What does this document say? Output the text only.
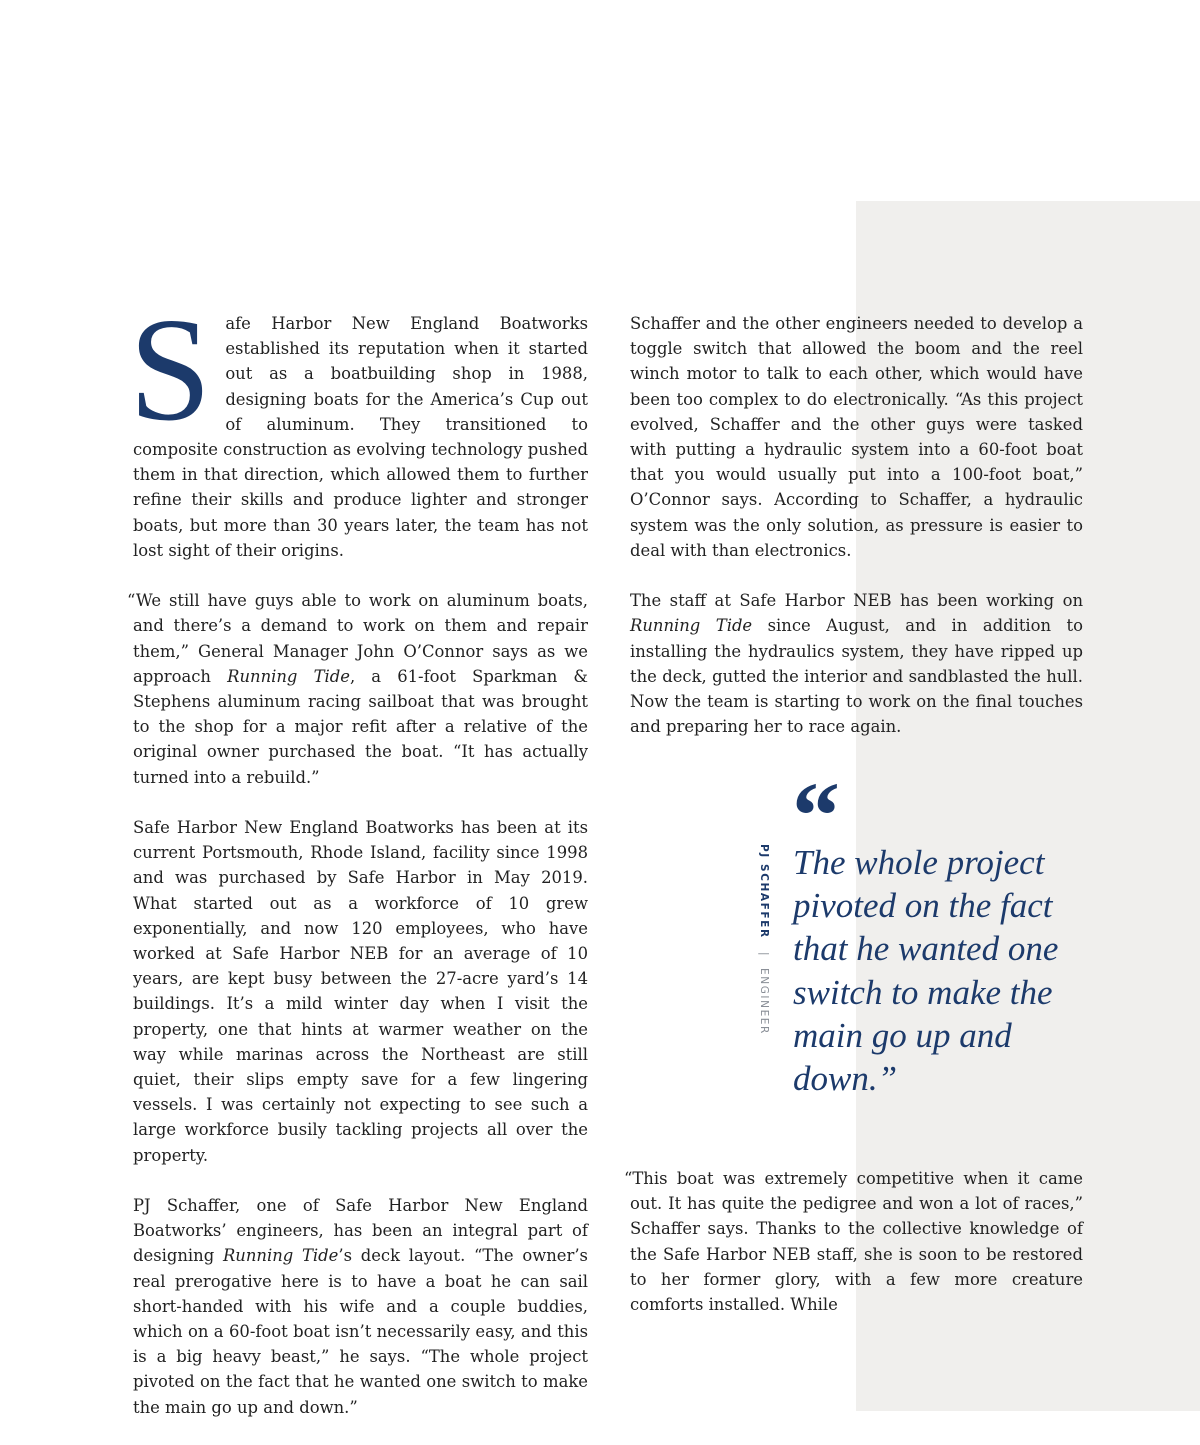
Safe Harbor New England Boatworks established its reputation when it started out as a boatbuilding shop in 1988, designing boats for the America’s Cup out of aluminum. They transitioned to composite construction as evolving technology pushed them in that direction, which allowed them to further refine their skills and produce lighter and stronger boats, but more than 30 years later, the team has not lost sight of their origins.

“We still have guys able to work on aluminum boats, and there’s a demand to work on them and repair them,” General Manager John O’Connor says as we approach Running Tide, a 61-foot Sparkman & Stephens aluminum racing sailboat that was brought to the shop for a major refit after a relative of the original owner purchased the boat. “It has actually turned into a rebuild.”

Safe Harbor New England Boatworks has been at its current Portsmouth, Rhode Island, facility since 1998 and was purchased by Safe Harbor in May 2019. What started out as a workforce of 10 grew exponentially, and now 120 employees, who have worked at Safe Harbor NEB for an average of 10 years, are kept busy between the 27-acre yard’s 14 buildings. It’s a mild winter day when I visit the property, one that hints at warmer weather on the way while marinas across the Northeast are still quiet, their slips empty save for a few lingering vessels. I was certainly not expecting to see such a large workforce busily tackling projects all over the property.

PJ Schaffer, one of Safe Harbor New England Boatworks’ engineers, has been an integral part of designing Running Tide’s deck layout. “The owner’s real prerogative here is to have a boat he can sail short-handed with his wife and a couple buddies, which on a 60-foot boat isn’t necessarily easy, and this is a big heavy beast,” he says. “The whole project pivoted on the fact that he wanted one switch to make the main go up and down.”

Schaffer and the other engineers needed to develop a toggle switch that allowed the boom and the reel winch motor to talk to each other, which would have been too complex to do electronically. “As this project evolved, Schaffer and the other guys were tasked with putting a hydraulic system into a 60-foot boat that you would usually put into a 100-foot boat,” O’Connor says. According to Schaffer, a hydraulic system was the only solution, as pressure is easier to deal with than electronics.

The staff at Safe Harbor NEB has been working on Running Tide since August, and in addition to installing the hydraulics system, they have ripped up the deck, gutted the interior and sandblasted the hull. Now the team is starting to work on the final touches and preparing her to race again.

“This boat was extremely competitive when it came out. It has quite the pedigree and won a lot of races,” Schaffer says. Thanks to the collective knowledge of the Safe Harbor NEB staff, she is soon to be restored to her former glory, with a few more creature comforts installed. While

PJ SCHAFFER | ENGINEER
“

The whole project pivoted on the fact that he wanted one switch to make the main go up and down.”
